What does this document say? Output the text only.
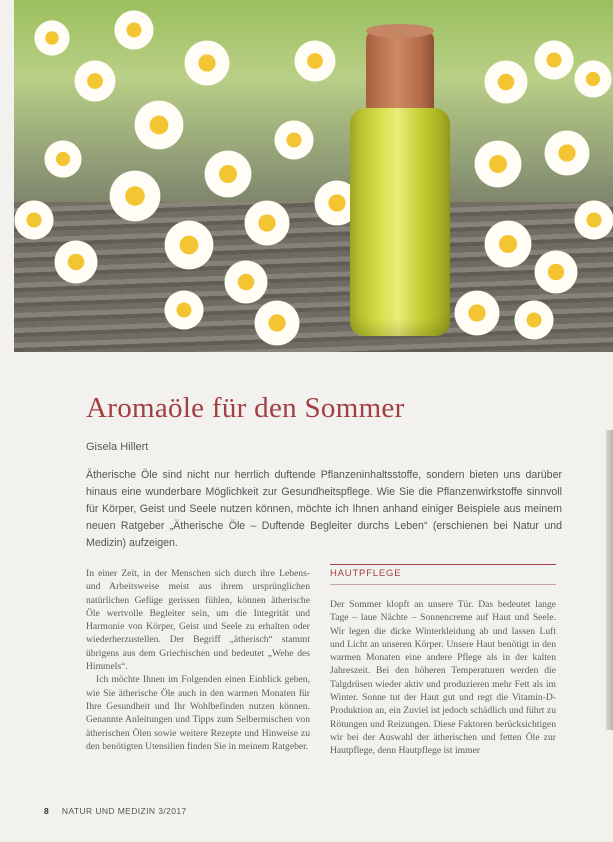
Aromaöle für den Sommer
Gisela Hillert

Ätherische Öle sind nicht nur herrlich duftende Pflanzeninhaltsstoffe, sondern bieten uns darüber hinaus eine wunderbare Möglichkeit zur Gesundheitspflege. Wie Sie die Pflanzenwirkstoffe sinnvoll für Körper, Geist und Seele nutzen können, möchte ich Ihnen anhand einiger Beispiele aus meinem neuen Ratgeber „Ätherische Öle – Duftende Begleiter durchs Leben“ (erschienen bei Natur und Medizin) aufzeigen.

In einer Zeit, in der Menschen sich durch ihre Lebens- und Arbeitsweise meist aus ihrem ursprünglichen natürlichen Gefüge gerissen fühlen, können ätherische Öle wertvolle Begleiter sein, um die Integrität und Harmonie von Körper, Geist und Seele zu erhalten oder wiederherzustellen. Der Begriff „ätherisch“ stammt übrigens aus dem Griechischen und bedeutet „Wehe des Himmels“.

Ich möchte Ihnen im Folgenden einen Einblick geben, wie Sie ätherische Öle auch in den warmen Monaten für Ihre Gesundheit und Ihr Wohlbefinden nutzen können. Genannte Anleitungen und Tipps zum Selbermischen von ätherischen Ölen sowie weitere Rezepte und Hinweise zu den benötigten Utensilien finden Sie in meinem Ratgeber.

HAUTPFLEGE

Der Sommer klopft an unsere Tür. Das bedeutet lange Tage – laue Nächte – Sonnencreme auf Haut und Seele. Wir legen die dicke Winterkleidung ab und lassen Luft und Licht an unseren Körper. Unsere Haut benötigt in den warmen Monaten eine andere Pflege als in der kalten Jahreszeit. Bei den höheren Temperaturen werden die Talgdrüsen wieder aktiv und produzieren mehr Fett als im Winter. Sonne tut der Haut gut und regt die Vitamin-D-Produktion an, ein Zuviel ist jedoch schädlich und führt zu Rötungen und Reizungen. Diese Faktoren berücksichtigen wir bei der Auswahl der ätherischen und fetten Öle zur Hautpflege, denn Hautpflege ist immer

8 NATUR UND MEDIZIN 3/2017
